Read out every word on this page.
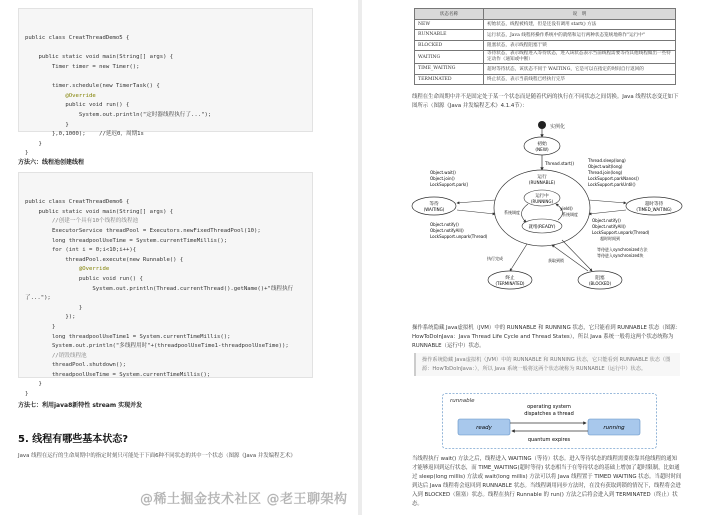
public class CreatThreadDemo5 {

public static void main(String[] args) {
Timer timer = new Timer();

timer.schedule(new TimerTask() {
@Override
public void run() {
System.out.println("定时器线程执行了...");
}
},0,1000);    //延迟0，周期1s
}
}

方法六：线程池创建线程

public class CreatThreadDemo6 {
public static void main(String[] args) {
//创建一个具有10个线程的线程池
ExecutorService threadPool = Executors.newFixedThreadPool(10);
long threadpoolUseTime = System.currentTimeMillis();
for (int i = 0;i<10;i++){
threadPool.execute(new Runnable() {
@Override
public void run() {
System.out.println(Thread.currentThread().getName()+"线程执行
了...");
}
});
}
long threadpoolUseTime1 = System.currentTimeMillis();
System.out.println("多线程用时"+(threadpoolUseTime1-threadpoolUseTime));
//销毁线程池
threadPool.shutdown();
threadpoolUseTime = System.currentTimeMillis();
}
}

方法七：利用java8新特性 stream 实现并发
5. 线程有哪些基本状态?
Java 线程在运行的生命周期中的指定时刻只可能处于下面6种不同状态的其中一个状态（图源《Java 并发编程艺术》
状态名称	说　明
NEW	初始状态，线程被构建，但是还没有调用 start() 方法
RUNNABLE	运行状态，Java 线程将操作系统中的就绪和运行两种状态笼统地称作"运行中"
BLOCKED	阻塞状态，表示线程阻塞于锁
WAITING	等待状态，表示线程进入等待状态，进入该状态表示当前线程需要等待其他线程做出一些特定动作（通知或中断）
TIME_WAITING	超时等待状态，该状态不同于 WAITING，它是可以在指定的时间自行返回的
TERMINATED	终止状态，表示当前线程已经执行完毕
线程在生命周期中并不是固定处于某一个状态而是随着代码的执行在不同状态之间切换。Java 线程状态变迁如下图所示（图源《Java 并发编程艺术》4.1.4节）：
实例化
初始
(NEW)
Thread.start()
运行
(RUNNABLE)
运行中
(RUNNING)
就绪(READY)
系统调度
yield()
系统调度
等待
(WAITING)
Object.wait()
Object.join()
LockSupport.park()
Object.notify()
Object.notifyAll()
LockSupport.unpark(Thread)
超时等待
(TIMED_WAITING)
Thread.sleep(long)
Object.wait(long)
Thread.join(long)
LockSupport.parkNanos()
LockSupport.parkUntil()
Object.notify()
Object.notifyAll()
LockSupport.unpark(Thread)
超时时间到
执行完成
终止
(TERMINATED)
等待进入synchronized方法
等待进入synchronized块
获取到锁
阻塞
(BLOCKED)
操作系统隐藏 Java虚拟机（JVM）中的 RUNNABLE 和 RUNNING 状态，它只能看到 RUNNABLE 状态（图源：HowToDoInJava：Java Thread Life Cycle and Thread States），所以 Java 系统一般将这两个状态统称为 RUNNABLE（运行中）状态。
操作系统隐藏 Java虚拟机（JVM）中的 RUNNABLE 和 RUNNING 状态，它只能看到 RUNNABLE 状态（图源：HowToDoInJava：），所以 Java 系统一般将这两个状态统称为 RUNNABLE（运行中）状态。
runnable
ready	running
operating system
dispatches a thread
quantum expires
当线程执行 wait() 方法之后，线程进入 WAITING（等待）状态。进入等待状态的线程需要依靠其他线程的通知才能够返回到运行状态，而 TIME_WAITING(超时等待) 状态相当于在等待状态的基础上增加了超时限制，比如通过 sleep(long millis) 方法或 wait(long millis) 方法可以将 Java 线程置于 TIMED WAITING 状态。当超时时间到达后 Java 线程将会返回到 RUNNABLE 状态。当线程调用同步方法时，在没有获取到锁的情况下，线程将会进入到 BLOCKED（阻塞）状态。线程在执行 Runnable 的 run() 方法之后将会进入到 TERMINATED（终止）状态。
@稀土掘金技术社区 @老王聊架构
